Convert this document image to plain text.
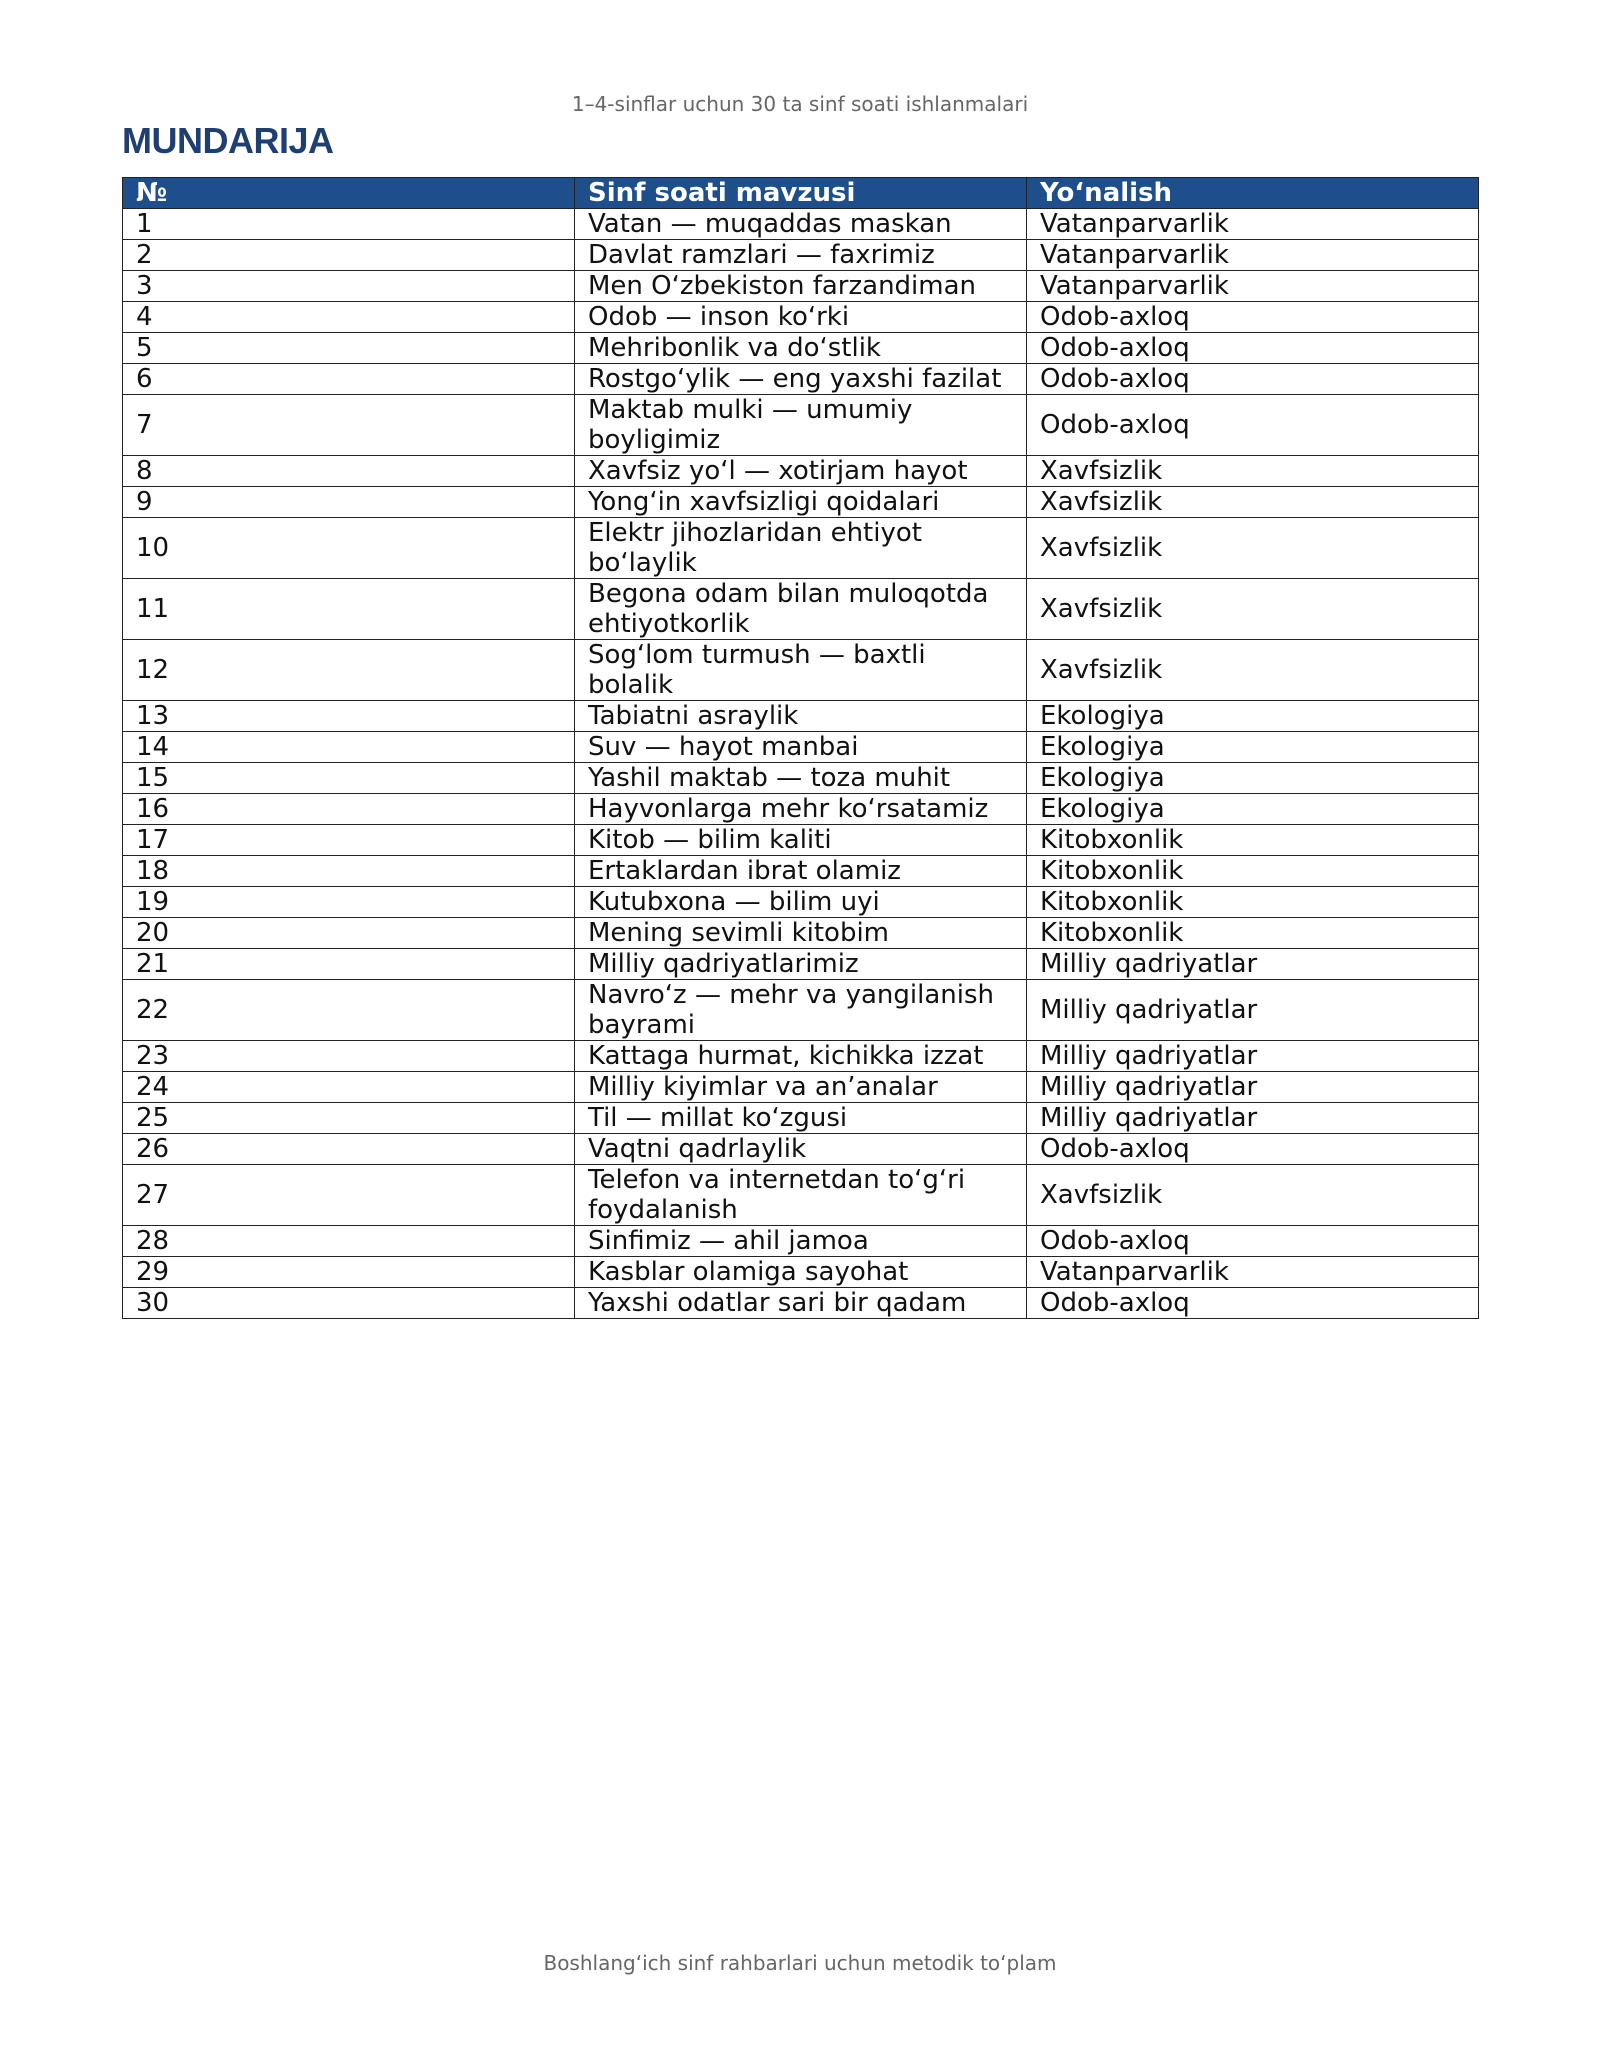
1–4-sinflar uchun 30 ta sinf soati ishlanmalari
MUNDARIJA
№	Sinf soati mavzusi	Yo‘nalish
1	Vatan — muqaddas maskan	Vatanparvarlik
2	Davlat ramzlari — faxrimiz	Vatanparvarlik
3	Men O‘zbekiston farzandiman	Vatanparvarlik
4	Odob — inson ko‘rki	Odob-axloq
5	Mehribonlik va do‘stlik	Odob-axloq
6	Rostgo‘ylik — eng yaxshi fazilat	Odob-axloq
7	Maktab mulki — umumiy boyligimiz	Odob-axloq
8	Xavfsiz yo‘l — xotirjam hayot	Xavfsizlik
9	Yong‘in xavfsizligi qoidalari	Xavfsizlik
10	Elektr jihozlaridan ehtiyot bo‘laylik	Xavfsizlik
11	Begona odam bilan muloqotda ehtiyotkorlik	Xavfsizlik
12	Sog‘lom turmush — baxtli bolalik	Xavfsizlik
13	Tabiatni asraylik	Ekologiya
14	Suv — hayot manbai	Ekologiya
15	Yashil maktab — toza muhit	Ekologiya
16	Hayvonlarga mehr ko‘rsatamiz	Ekologiya
17	Kitob — bilim kaliti	Kitobxonlik
18	Ertaklardan ibrat olamiz	Kitobxonlik
19	Kutubxona — bilim uyi	Kitobxonlik
20	Mening sevimli kitobim	Kitobxonlik
21	Milliy qadriyatlarimiz	Milliy qadriyatlar
22	Navro‘z — mehr va yangilanish bayrami	Milliy qadriyatlar
23	Kattaga hurmat, kichikka izzat	Milliy qadriyatlar
24	Milliy kiyimlar va an’analar	Milliy qadriyatlar
25	Til — millat ko‘zgusi	Milliy qadriyatlar
26	Vaqtni qadrlaylik	Odob-axloq
27	Telefon va internetdan to‘g‘ri foydalanish	Xavfsizlik
28	Sinfimiz — ahil jamoa	Odob-axloq
29	Kasblar olamiga sayohat	Vatanparvarlik
30	Yaxshi odatlar sari bir qadam	Odob-axloq
Boshlang‘ich sinf rahbarlari uchun metodik to‘plam
